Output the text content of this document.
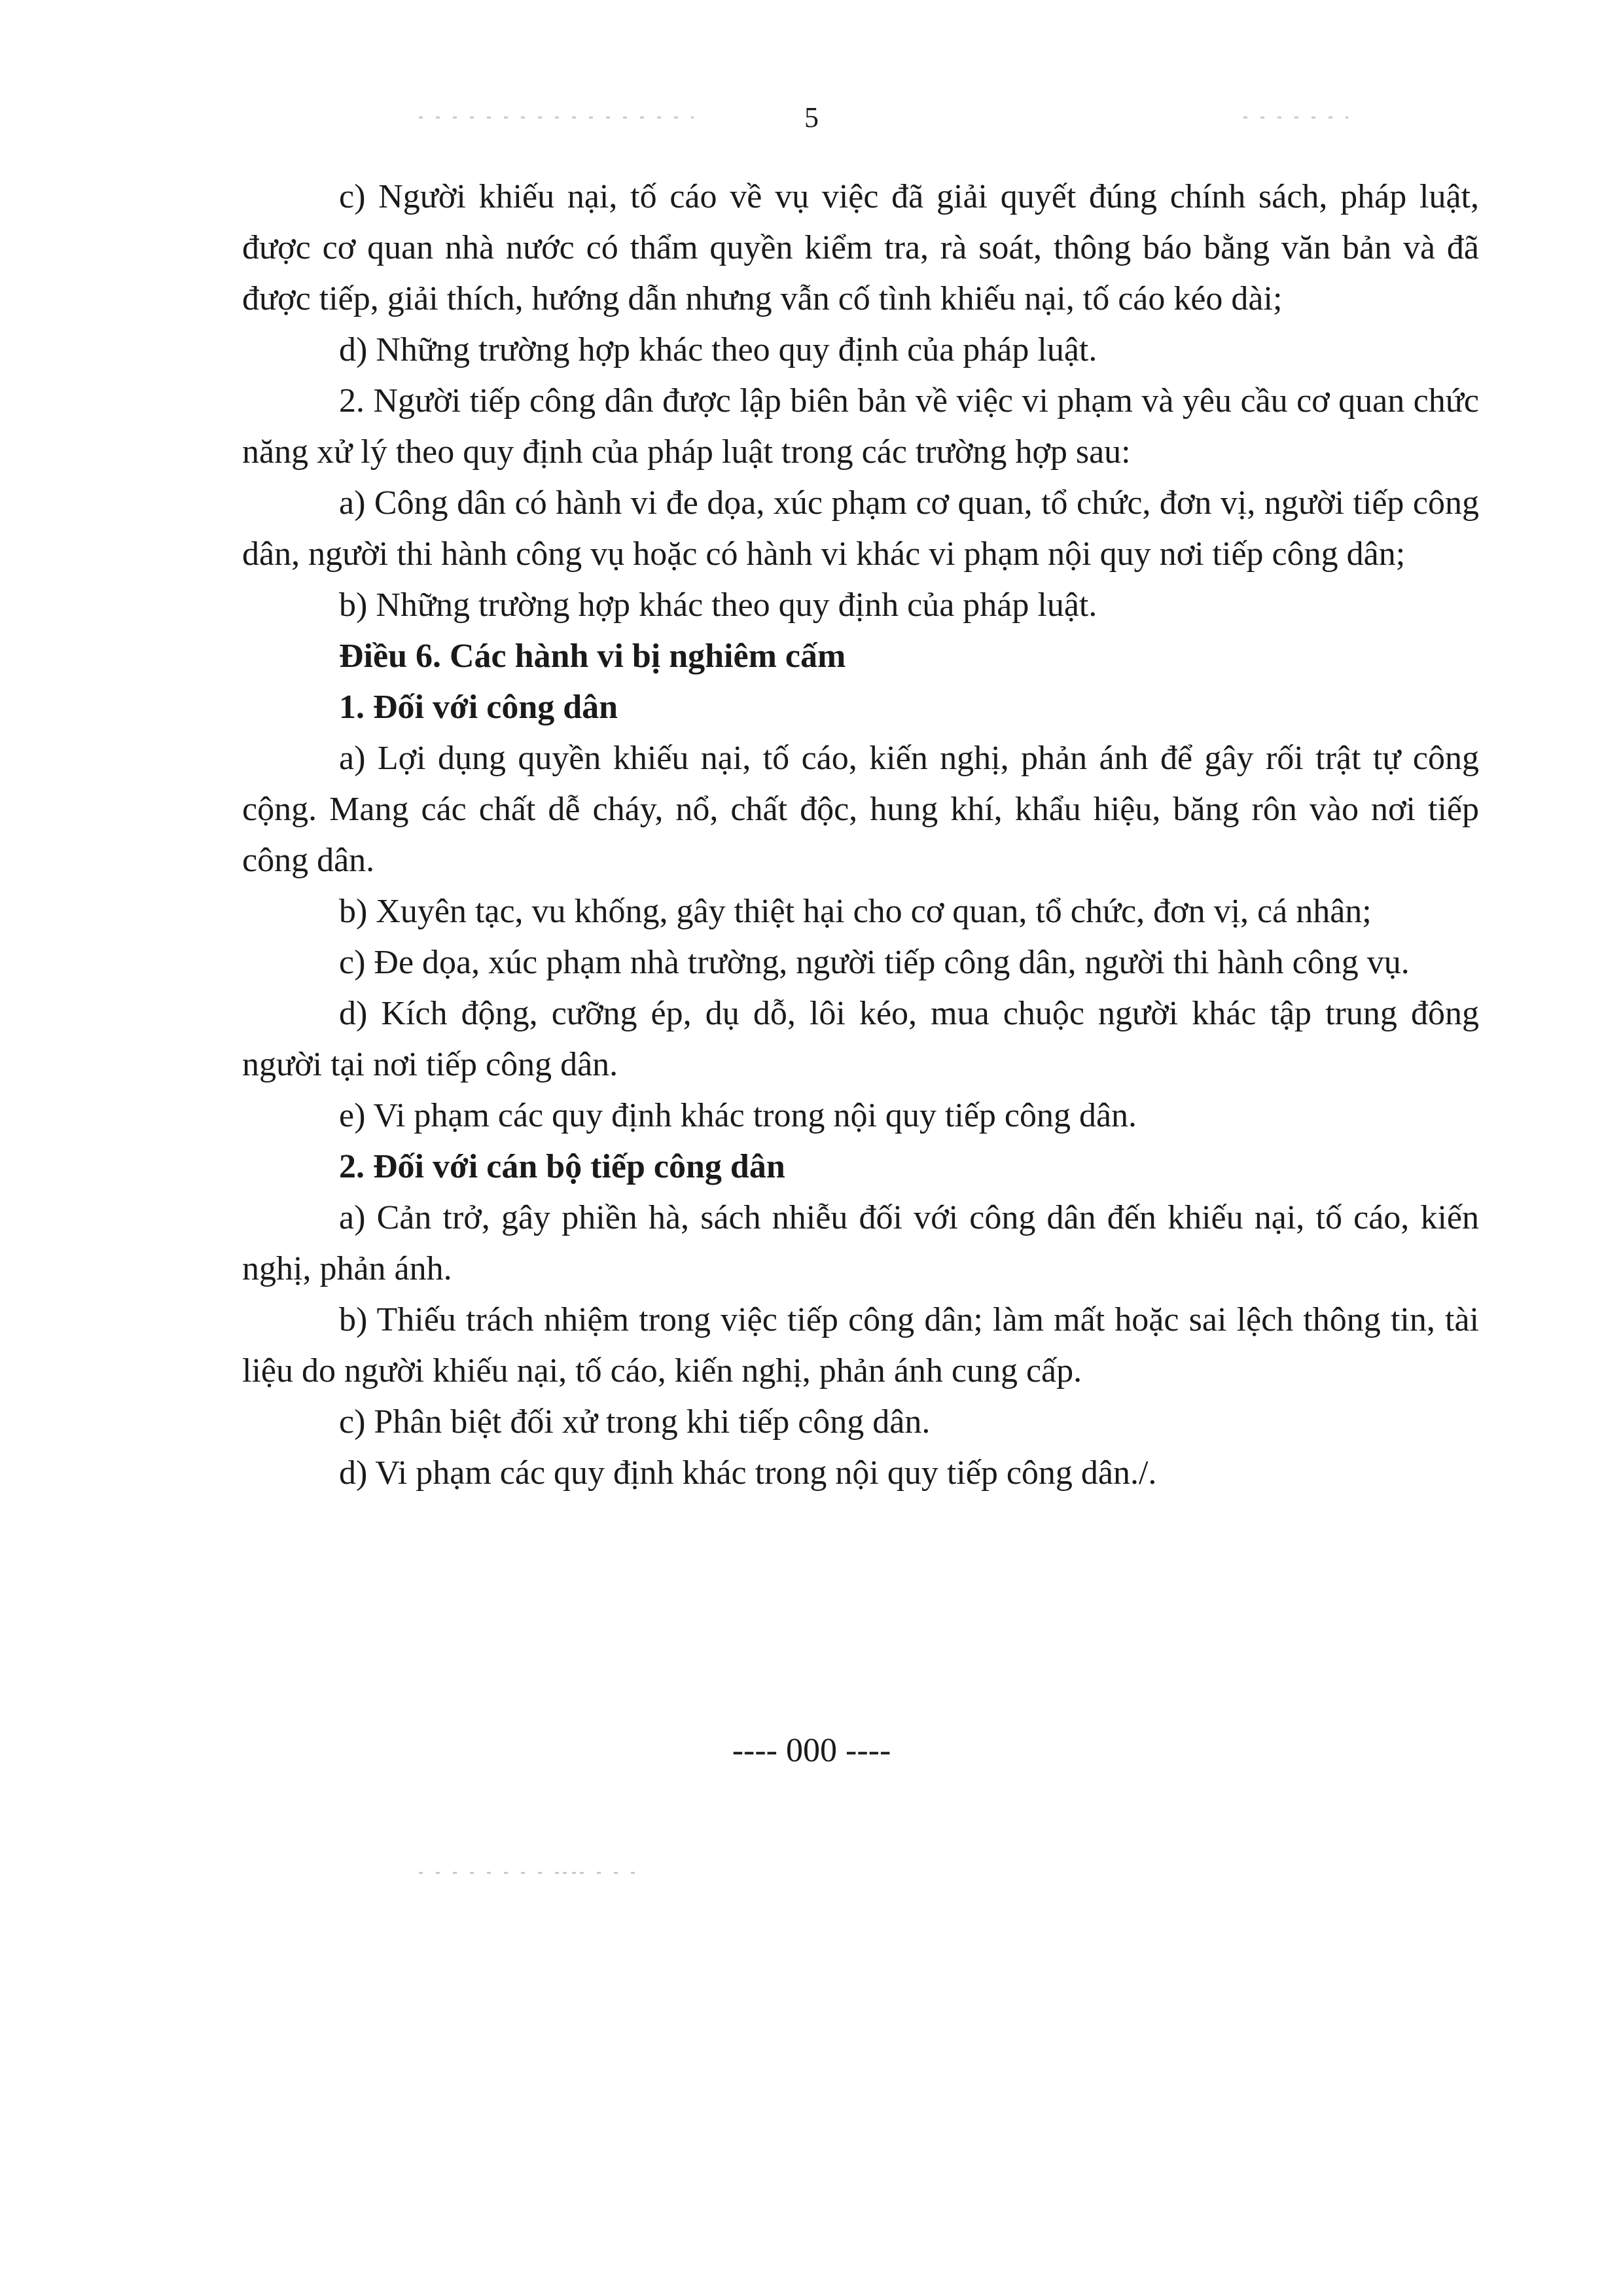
5

c) Người khiếu nại, tố cáo về vụ việc đã giải quyết đúng chính sách, pháp luật, được cơ quan nhà nước có thẩm quyền kiểm tra, rà soát, thông báo bằng văn bản và đã được tiếp, giải thích, hướng dẫn nhưng vẫn cố tình khiếu nại, tố cáo kéo dài;

d) Những trường hợp khác theo quy định của pháp luật.

2. Người tiếp công dân được lập biên bản về việc vi phạm và yêu cầu cơ quan chức năng xử lý theo quy định của pháp luật trong các trường hợp sau:

a) Công dân có hành vi đe dọa, xúc phạm cơ quan, tổ chức, đơn vị, người tiếp công dân, người thi hành công vụ hoặc có hành vi khác vi phạm nội quy nơi tiếp công dân;

b) Những trường hợp khác theo quy định của pháp luật.

Điều 6. Các hành vi bị nghiêm cấm

1. Đối với công dân

a) Lợi dụng quyền khiếu nại, tố cáo, kiến nghị, phản ánh để gây rối trật tự công cộng. Mang các chất dễ cháy, nổ, chất độc, hung khí, khẩu hiệu, băng rôn vào nơi tiếp công dân.

b) Xuyên tạc, vu khống, gây thiệt hại cho cơ quan, tổ chức, đơn vị, cá nhân;

c) Đe dọa, xúc phạm nhà trường, người tiếp công dân, người thi hành công vụ.

d) Kích động, cưỡng ép, dụ dỗ, lôi kéo, mua chuộc người khác tập trung đông người tại nơi tiếp công dân.

e) Vi phạm các quy định khác trong nội quy tiếp công dân.

2. Đối với cán bộ tiếp công dân

a) Cản trở, gây phiền hà, sách nhiễu đối với công dân đến khiếu nại, tố cáo, kiến nghị, phản ánh.

b) Thiếu trách nhiệm trong việc tiếp công dân; làm mất hoặc sai lệch thông tin, tài liệu do người khiếu nại, tố cáo, kiến nghị, phản ánh cung cấp.

c) Phân biệt đối xử trong khi tiếp công dân.

d) Vi phạm các quy định khác trong nội quy tiếp công dân./.

---- 000 ----
